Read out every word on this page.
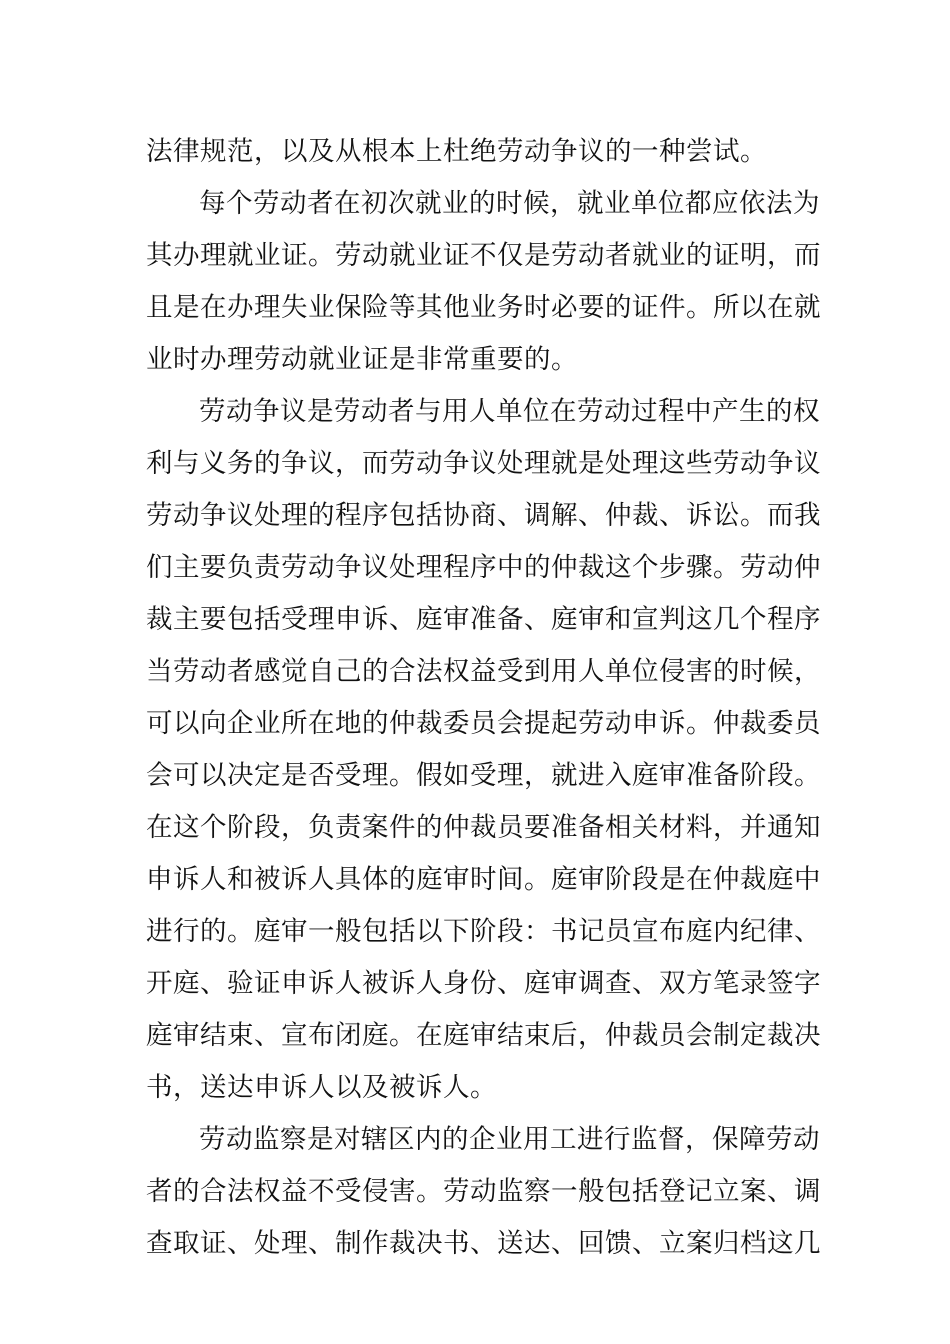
法律规范，以及从根本上杜绝劳动争议的一种尝试。
每个劳动者在初次就业的时候，就业单位都应依法为
其办理就业证。劳动就业证不仅是劳动者就业的证明，而
且是在办理失业保险等其他业务时必要的证件。所以在就
业时办理劳动就业证是非常重要的。
劳动争议是劳动者与用人单位在劳动过程中产生的权
利与义务的争议，而劳动争议处理就是处理这些劳动争议
劳动争议处理的程序包括协商、调解、仲裁、诉讼。而我
们主要负责劳动争议处理程序中的仲裁这个步骤。劳动仲
裁主要包括受理申诉、庭审准备、庭审和宣判这几个程序
当劳动者感觉自己的合法权益受到用人单位侵害的时候，
可以向企业所在地的仲裁委员会提起劳动申诉。仲裁委员
会可以决定是否受理。假如受理，就进入庭审准备阶段。
在这个阶段，负责案件的仲裁员要准备相关材料，并通知
申诉人和被诉人具体的庭审时间。庭审阶段是在仲裁庭中
进行的。庭审一般包括以下阶段：书记员宣布庭内纪律、
开庭、验证申诉人被诉人身份、庭审调查、双方笔录签字
庭审结束、宣布闭庭。在庭审结束后，仲裁员会制定裁决
书，送达申诉人以及被诉人。
劳动监察是对辖区内的企业用工进行监督，保障劳动
者的合法权益不受侵害。劳动监察一般包括登记立案、调
查取证、处理、制作裁决书、送达、回馈、立案归档这几
